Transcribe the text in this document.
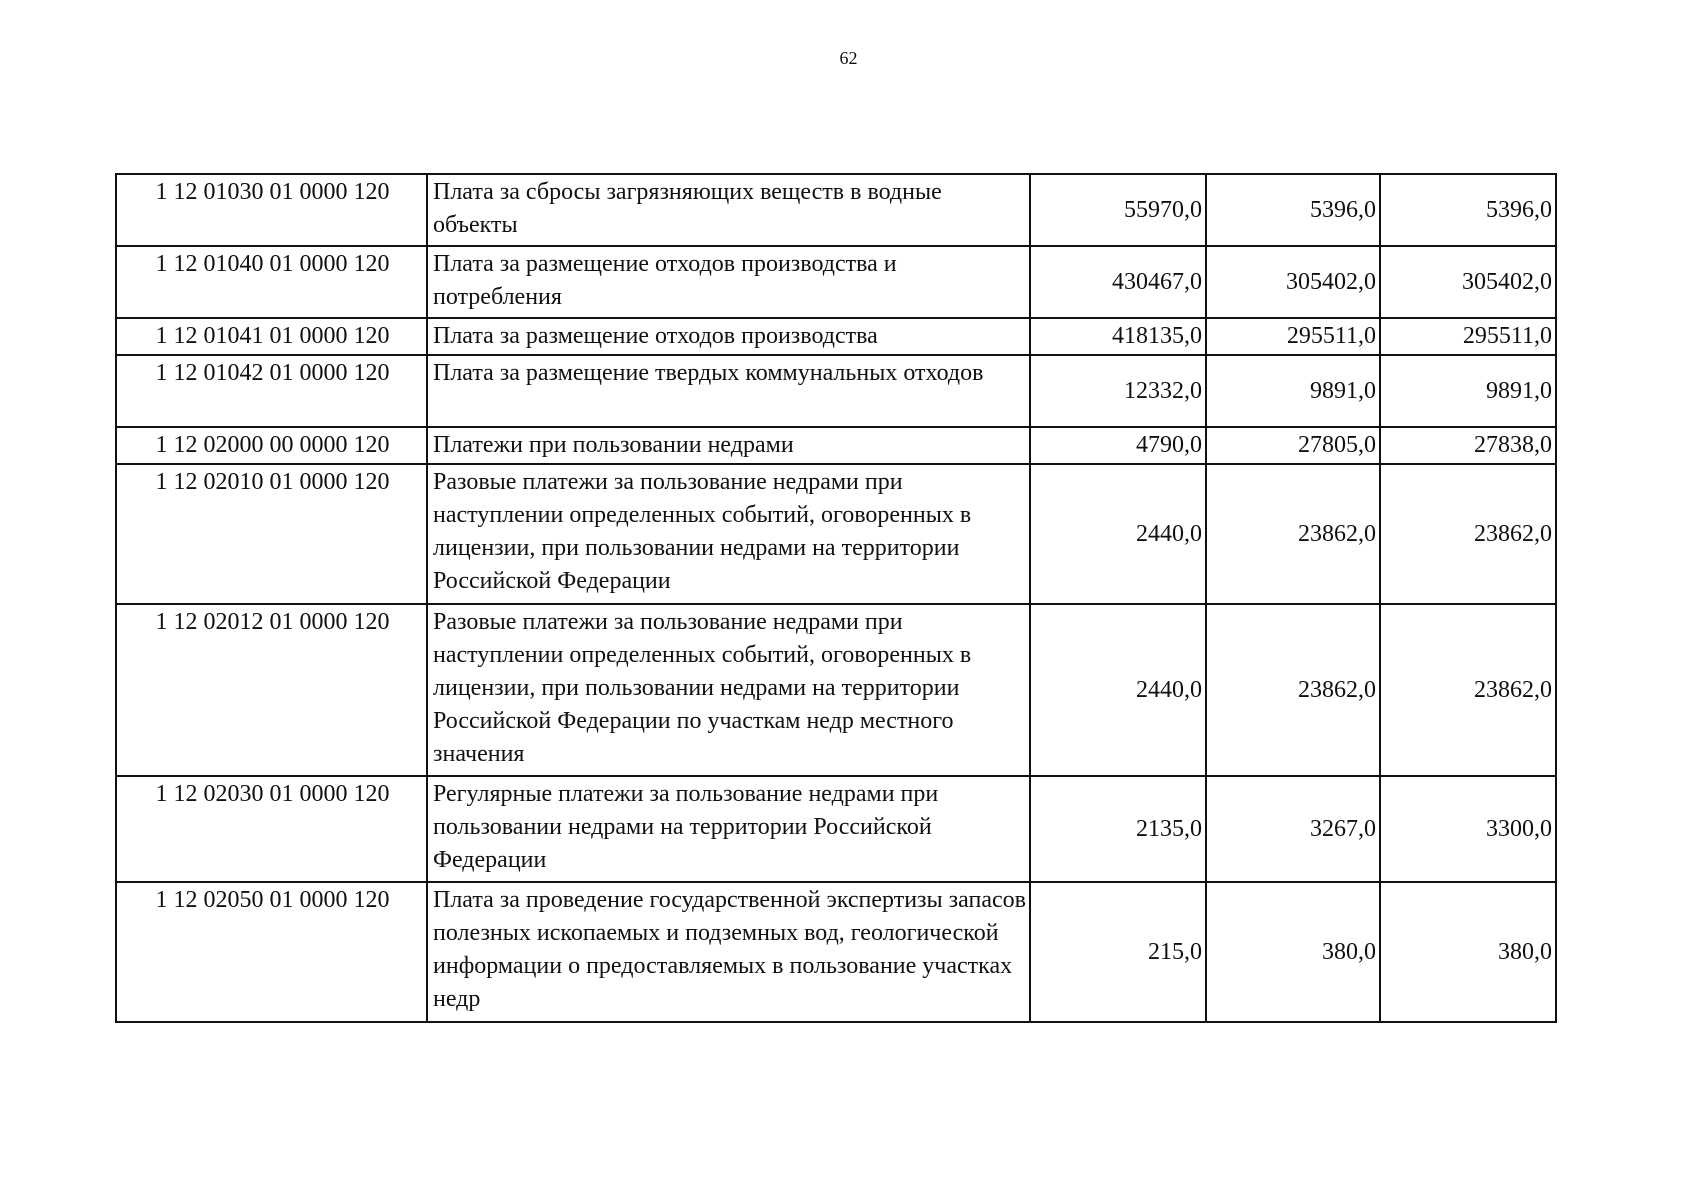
62
1 12 01030 01 0000 120	Плата за сбросы загрязняющих веществ в водные объекты	55970,0	5396,0	5396,0
1 12 01040 01 0000 120	Плата за размещение отходов производства и потребления	430467,0	305402,0	305402,0
1 12 01041 01 0000 120	Плата за размещение отходов производства	418135,0	295511,0	295511,0
1 12 01042 01 0000 120	Плата за размещение твердых коммунальных отходов	12332,0	9891,0	9891,0
1 12 02000 00 0000 120	Платежи при пользовании недрами	4790,0	27805,0	27838,0
1 12 02010 01 0000 120	Разовые платежи за пользование недрами при наступлении определенных событий, оговоренных в лицензии, при пользовании недрами на территории Российской Федерации	2440,0	23862,0	23862,0
1 12 02012 01 0000 120	Разовые платежи за пользование недрами при наступлении определенных событий, оговоренных в лицензии, при пользовании недрами на территории Российской Федерации по участкам недр местного значения	2440,0	23862,0	23862,0
1 12 02030 01 0000 120	Регулярные платежи за пользование недрами при пользовании недрами на территории Российской Федерации	2135,0	3267,0	3300,0
1 12 02050 01 0000 120	Плата за проведение государственной экспертизы запасов полезных ископаемых и подземных вод, геологической информации о предоставляемых в пользование участках недр	215,0	380,0	380,0
